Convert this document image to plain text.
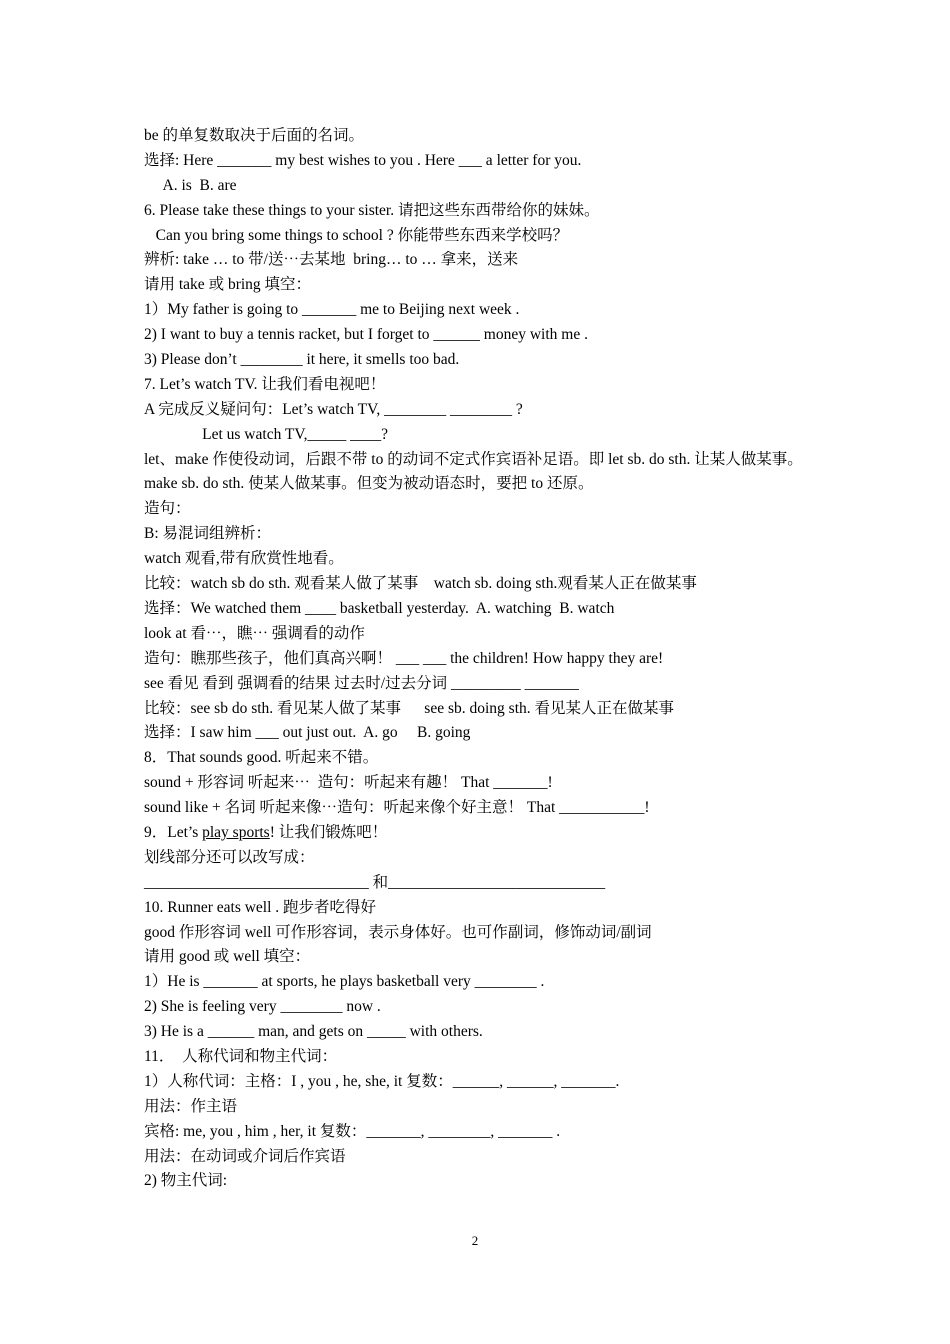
be 的单复数取决于后面的名词。
选择: Here _______ my best wishes to you . Here ___ a letter for you.
A. is  B. are
6. Please take these things to your sister. 请把这些东西带给你的妹妹。
Can you bring some things to school ? 你能带些东西来学校吗？
辨析: take … to 带/送⋯去某地  bring… to … 拿来，送来
请用 take 或 bring 填空：
1）My father is going to _______ me to Beijing next week .
2) I want to buy a tennis racket, but I forget to ______ money with me .
3) Please don’t ________ it here, it smells too bad.
7. Let’s watch TV. 让我们看电视吧！
A 完成反义疑问句：Let’s watch TV, ________ ________ ?
Let us watch TV,_____ ____?
let、make 作使役动词，后跟不带 to 的动词不定式作宾语补足语。即 let sb. do sth. 让某人做某事。
make sb. do sth. 使某人做某事。但变为被动语态时，要把 to 还原。
造句：
B: 易混词组辨析：
watch 观看,带有欣赏性地看。
比较：watch sb do sth. 观看某人做了某事    watch sb. doing sth.观看某人正在做某事
选择：We watched them ____ basketball yesterday.  A. watching  B. watch
look at 看⋯，瞧⋯ 强调看的动作
造句：瞧那些孩子，他们真高兴啊！ ___ ___ the children! How happy they are!
see 看见 看到 强调看的结果 过去时/过去分词 _________ _______
比较：see sb do sth. 看见某人做了某事      see sb. doing sth. 看见某人正在做某事
选择：I saw him ___ out just out.  A. go     B. going
8．That sounds good. 听起来不错。
sound + 形容词 听起来⋯  造句：听起来有趣！ That _______!
sound like + 名词 听起来像⋯造句：听起来像个好主意！ That ___________!
9．Let’s play sports! 让我们锻炼吧！
划线部分还可以改写成：
_____________________________ 和____________________________
10. Runner eats well . 跑步者吃得好
good 作形容词 well 可作形容词，表示身体好。也可作副词，修饰动词/副词
请用 good 或 well 填空：
1）He is _______ at sports, he plays basketball very ________ .
2) She is feeling very ________ now .
3) He is a ______ man, and gets on _____ with others.
11．  人称代词和物主代词：
1）人称代词：主格：I , you , he, she, it 复数：______, ______, _______.
用法：作主语
宾格: me, you , him , her, it 复数：_______, ________, _______ .
用法：在动词或介词后作宾语
2) 物主代词:
2
